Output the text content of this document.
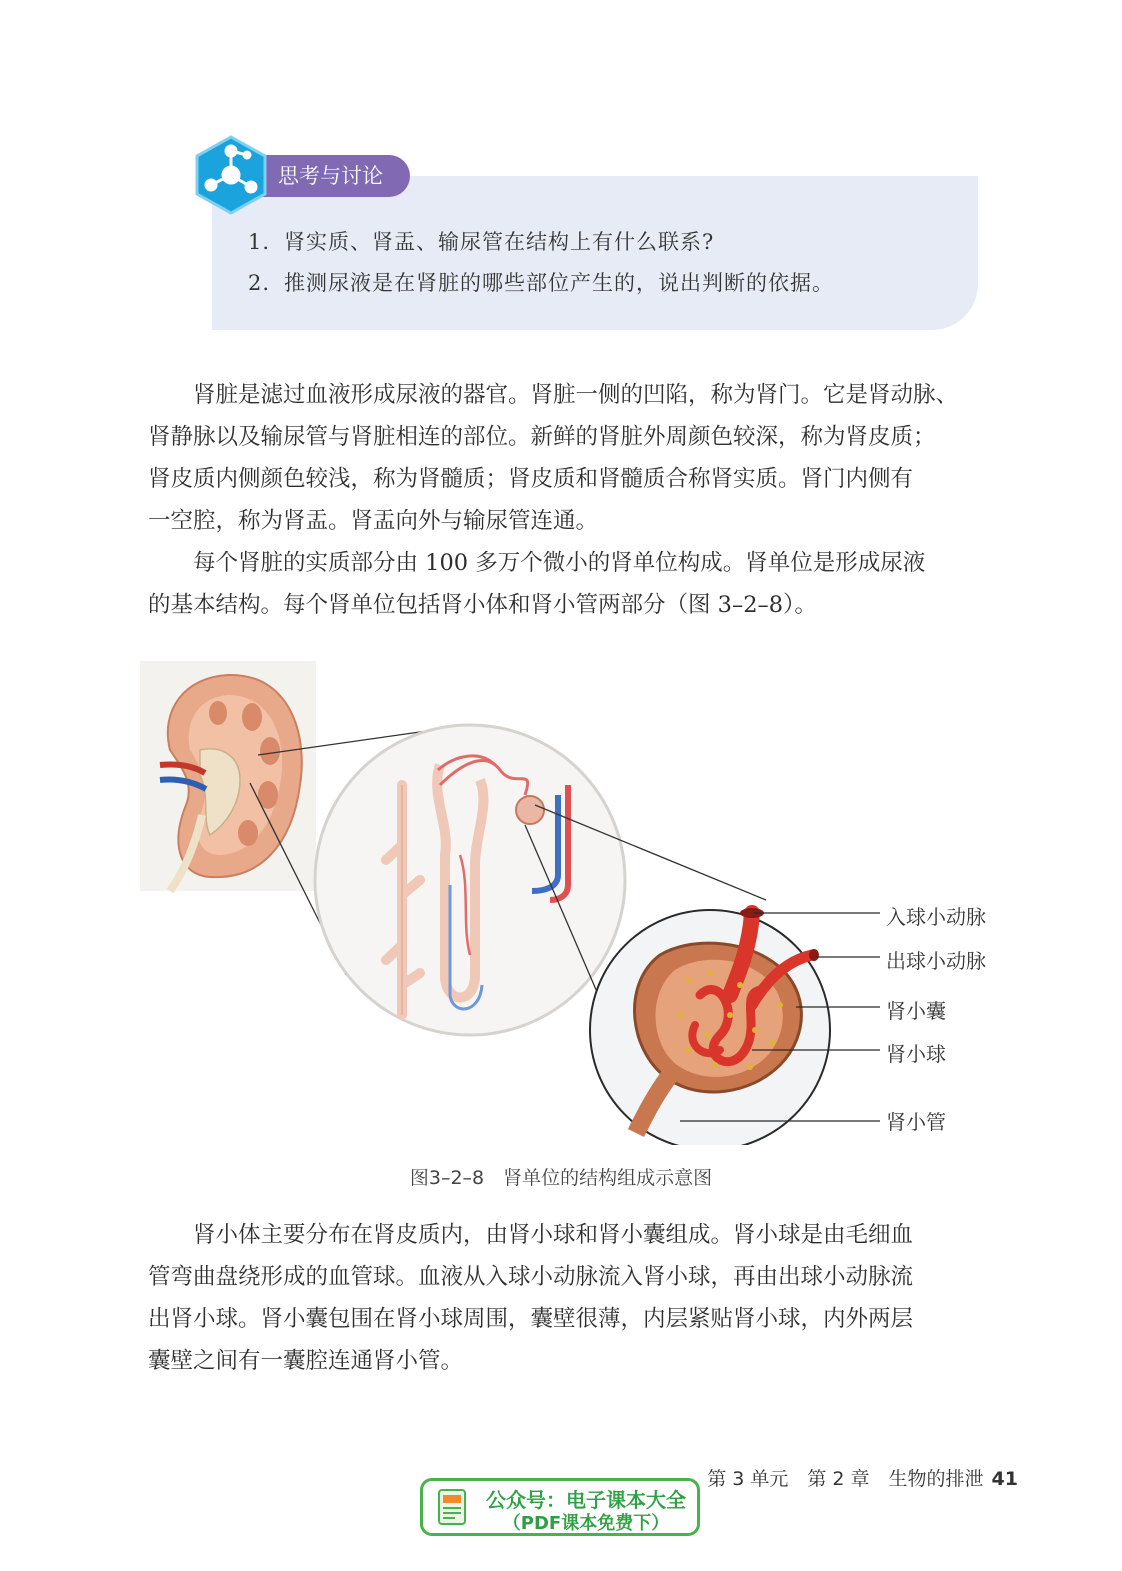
思考与讨论
1. 肾实质、肾盂、输尿管在结构上有什么联系?
2. 推测尿液是在肾脏的哪些部位产生的，说出判断的依据。
　　肾脏是滤过血液形成尿液的器官。肾脏一侧的凹陷，称为肾门。它是肾动脉、
肾静脉以及输尿管与肾脏相连的部位。新鲜的肾脏外周颜色较深，称为肾皮质；
肾皮质内侧颜色较浅，称为肾髓质；肾皮质和肾髓质合称肾实质。肾门内侧有
一空腔，称为肾盂。肾盂向外与输尿管连通。
　　每个肾脏的实质部分由 100 多万个微小的肾单位构成。肾单位是形成尿液
的基本结构。每个肾单位包括肾小体和肾小管两部分（图 3–2–8）。
入球小动脉
出球小动脉
肾小囊
肾小球
肾小管
图3–2–8　肾单位的结构组成示意图
　　肾小体主要分布在肾皮质内，由肾小球和肾小囊组成。肾小球是由毛细血
管弯曲盘绕形成的血管球。血液从入球小动脉流入肾小球，再由出球小动脉流
出肾小球。肾小囊包围在肾小球周围，囊壁很薄，内层紧贴肾小球，内外两层
囊壁之间有一囊腔连通肾小管。
第 3 单元　第 2 章　生物的排泄 41
公众号：电子课本大全
（PDF课本免费下）
